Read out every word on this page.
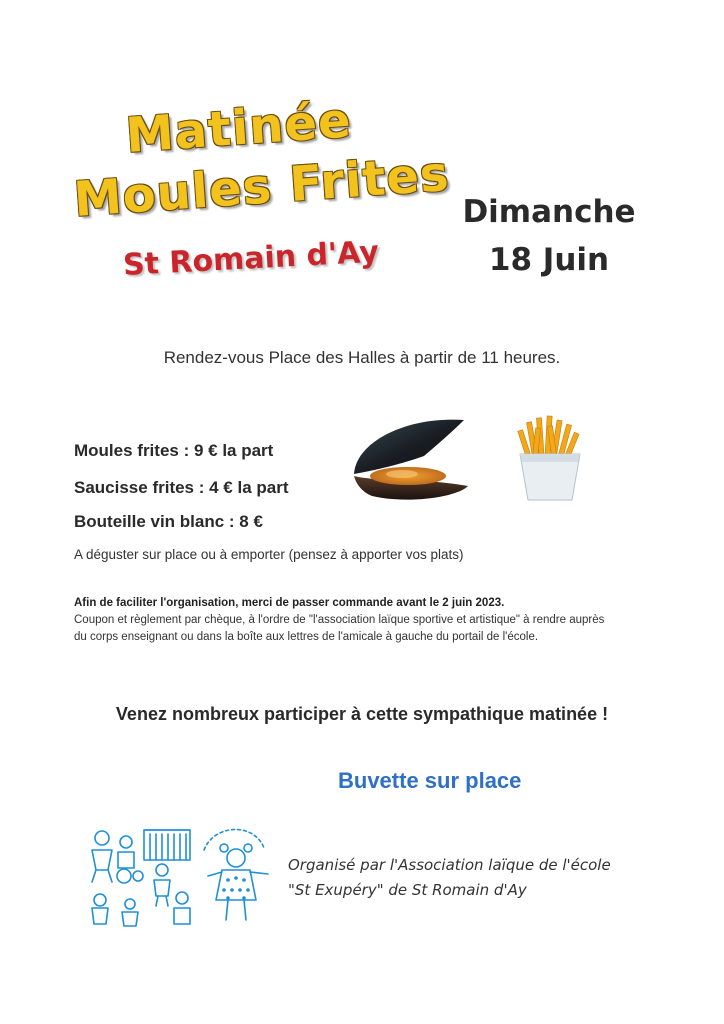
Matinée
Moules Frites
St Romain d'Ay
Dimanche
18 Juin
Rendez-vous Place des Halles à partir de 11 heures.
Moules frites : 9 € la part
Saucisse frites : 4 € la part
Bouteille vin blanc : 8 €
A déguster sur place ou à emporter (pensez à apporter vos plats)
Afin de faciliter l'organisation, merci de passer commande avant le 2 juin 2023.
Coupon et règlement par chèque, à l'ordre de "l'association laïque sportive et artistique" à rendre auprès
du corps enseignant ou dans la boîte aux lettres de l'amicale à gauche du portail de l'école.
Venez nombreux participer à cette sympathique matinée !
Buvette sur place
Organisé par l'Association laïque de l'école
"St Exupéry" de St Romain d'Ay
